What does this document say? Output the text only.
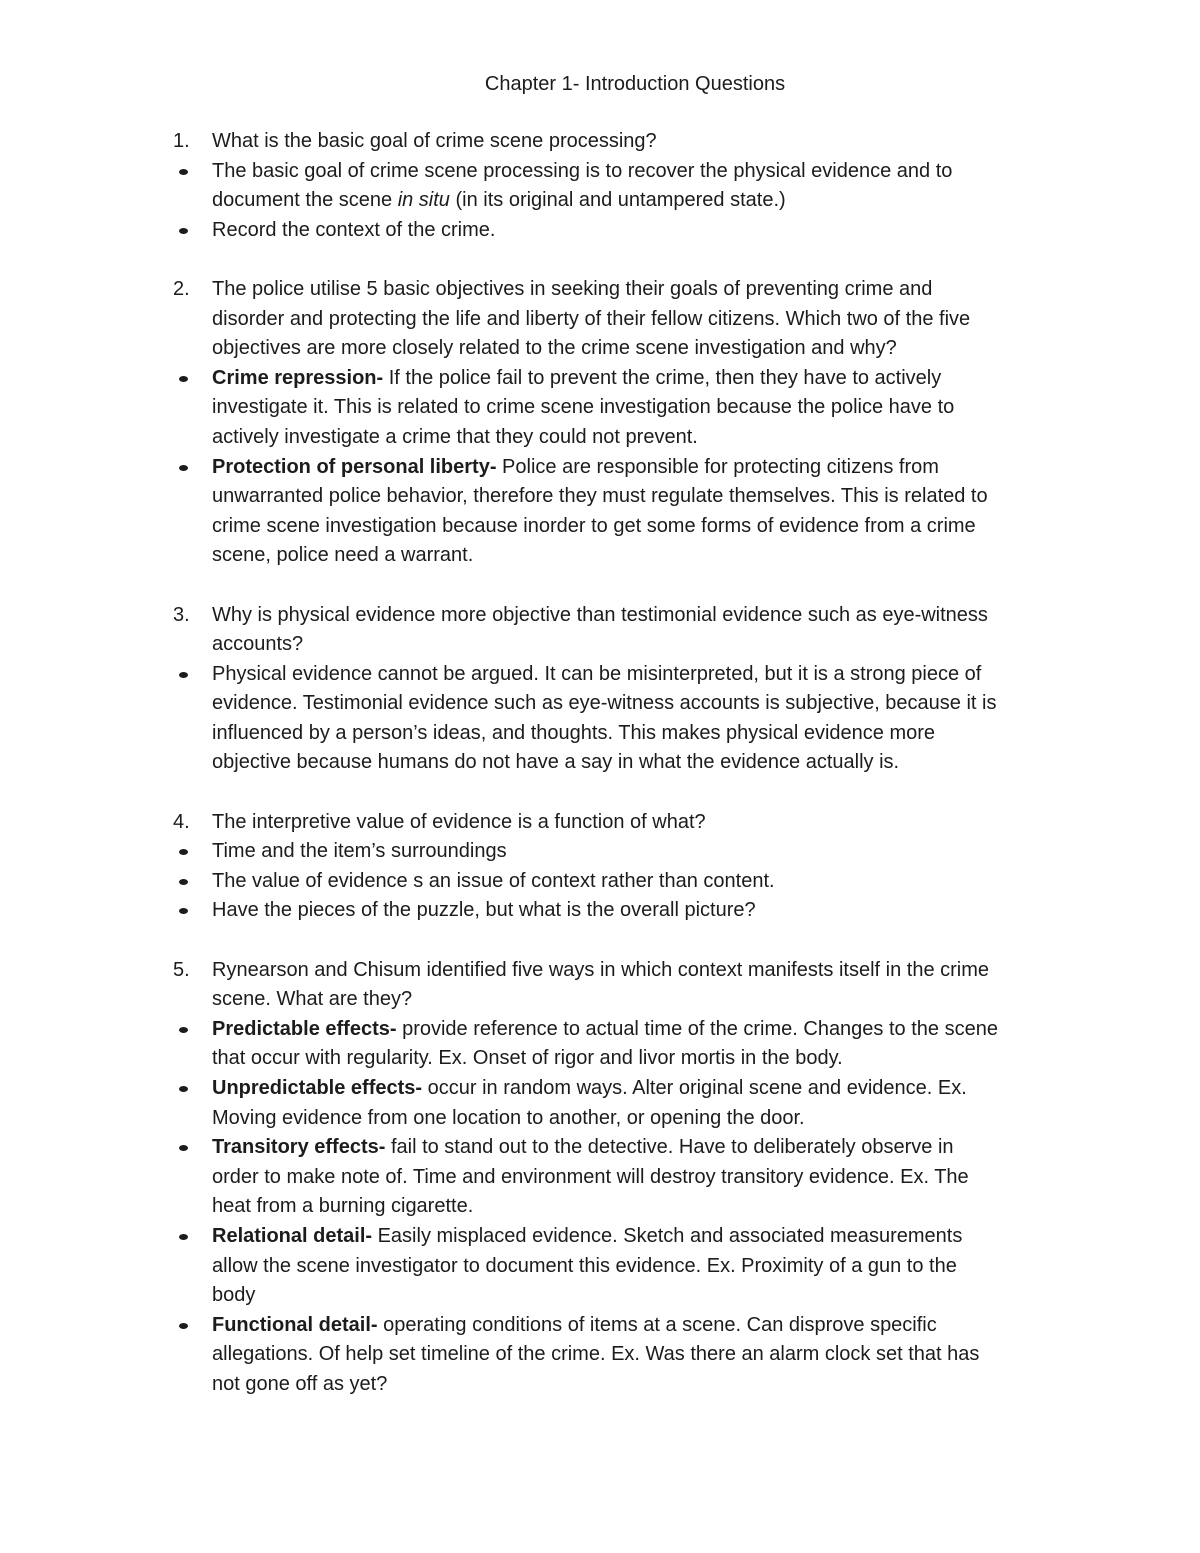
Chapter 1- Introduction Questions
1. What is the basic goal of crime scene processing?
The basic goal of crime scene processing is to recover the physical evidence and to
document the scene in situ (in its original and untampered state.)
Record the context of the crime.
2. The police utilise 5 basic objectives in seeking their goals of preventing crime and
disorder and protecting the life and liberty of their fellow citizens. Which two of the five
objectives are more closely related to the crime scene investigation and why?
Crime repression- If the police fail to prevent the crime, then they have to actively
investigate it. This is related to crime scene investigation because the police have to
actively investigate a crime that they could not prevent.
Protection of personal liberty- Police are responsible for protecting citizens from
unwarranted police behavior, therefore they must regulate themselves. This is related to
crime scene investigation because inorder to get some forms of evidence from a crime
scene, police need a warrant.
3. Why is physical evidence more objective than testimonial evidence such as eye-witness
accounts?
Physical evidence cannot be argued. It can be misinterpreted, but it is a strong piece of
evidence. Testimonial evidence such as eye-witness accounts is subjective, because it is
influenced by a person’s ideas, and thoughts. This makes physical evidence more
objective because humans do not have a say in what the evidence actually is.
4. The interpretive value of evidence is a function of what?
Time and the item’s surroundings
The value of evidence s an issue of context rather than content.
Have the pieces of the puzzle, but what is the overall picture?
5. Rynearson and Chisum identified five ways in which context manifests itself in the crime
scene. What are they?
Predictable effects- provide reference to actual time of the crime. Changes to the scene
that occur with regularity. Ex. Onset of rigor and livor mortis in the body.
Unpredictable effects- occur in random ways. Alter original scene and evidence. Ex.
Moving evidence from one location to another, or opening the door.
Transitory effects- fail to stand out to the detective. Have to deliberately observe in
order to make note of. Time and environment will destroy transitory evidence. Ex. The
heat from a burning cigarette.
Relational detail- Easily misplaced evidence. Sketch and associated measurements
allow the scene investigator to document this evidence. Ex. Proximity of a gun to the
body
Functional detail- operating conditions of items at a scene. Can disprove specific
allegations. Of help set timeline of the crime. Ex. Was there an alarm clock set that has
not gone off as yet?
